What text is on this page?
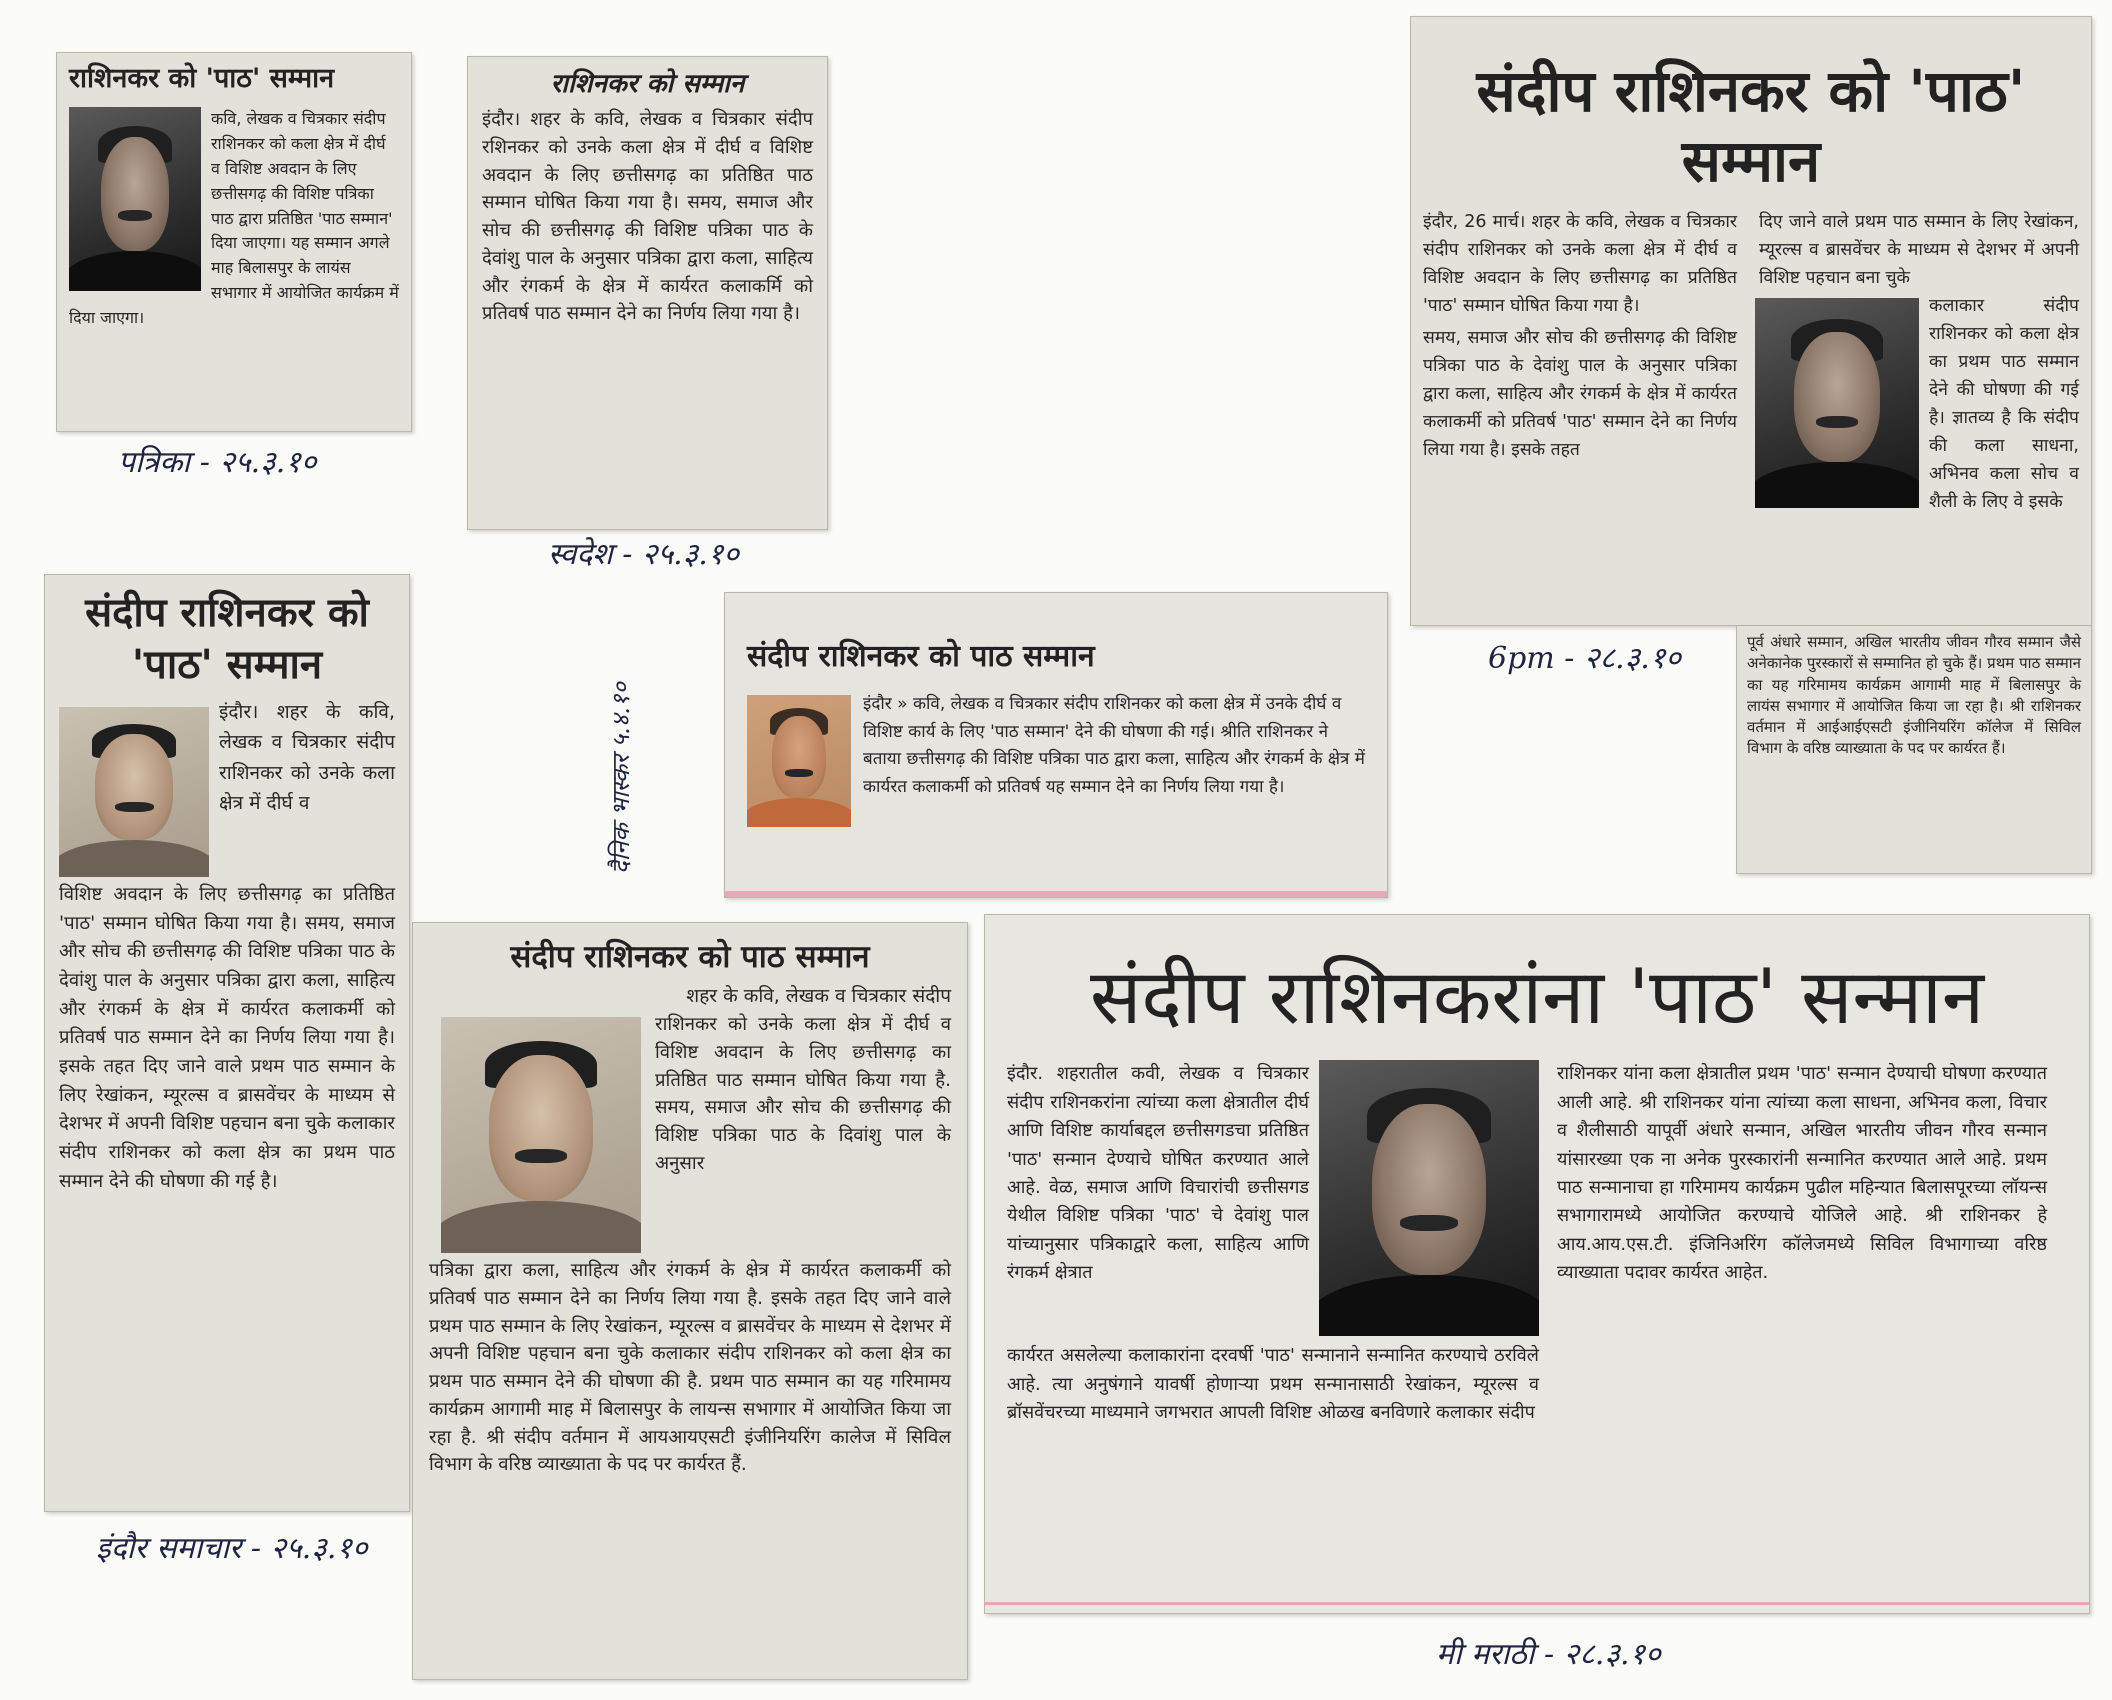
राशिनकर को 'पाठ' सम्मान

कवि, लेखक व चित्रकार संदीप राशिनकर को कला क्षेत्र में दीर्घ व विशिष्ट अवदान के लिए छत्तीसगढ़ की विशिष्ट पत्रिका पाठ द्वारा प्रतिष्ठित 'पाठ सम्मान' दिया जाएगा। यह सम्मान अगले माह बिलासपुर के लायंस सभागार में आयोजित कार्यक्रम में दिया जाएगा।

पत्रिका - २५.३.१०
राशिनकर को सम्मान

इंदौर। शहर के कवि, लेखक व चित्रकार संदीप रशिनकर को उनके कला क्षेत्र में दीर्घ व विशिष्ट अवदान के लिए छत्तीसगढ़ का प्रतिष्ठित पाठ सम्मान घोषित किया गया है। समय, समाज और सोच की छत्तीसगढ़ की विशिष्ट पत्रिका पाठ के देवांशु पाल के अनुसार पत्रिका द्वारा कला, साहित्य और रंगकर्म के क्षेत्र में कार्यरत कलाकर्मि को प्रतिवर्ष पाठ सम्मान देने का निर्णय लिया गया है।

स्वदेश - २५.३.१०
संदीप राशिनकर को 'पाठ' सम्मान

इंदौर, 26 मार्च। शहर के कवि, लेखक व चित्रकार संदीप राशिनकर को उनके कला क्षेत्र में दीर्घ व विशिष्ट अवदान के लिए छत्तीसगढ़ का प्रतिष्ठित 'पाठ' सम्मान घोषित किया गया है।

समय, समाज और सोच की छत्तीसगढ़ की विशिष्ट पत्रिका पाठ के देवांशु पाल के अनुसार पत्रिका द्वारा कला, साहित्य और रंगकर्म के क्षेत्र में कार्यरत कलाकर्मी को प्रतिवर्ष 'पाठ' सम्मान देने का निर्णय लिया गया है। इसके तहत

दिए जाने वाले प्रथम पाठ सम्मान के लिए रेखांकन, म्यूरल्स व ब्रासवेंचर के माध्यम से देशभर में अपनी विशिष्ट पहचान बना चुके

कलाकार संदीप राशिनकर को कला क्षेत्र का प्रथम पाठ सम्मान देने की घोषणा की गई है। ज्ञातव्य है कि संदीप की कला साधना, अभिनव कला सोच व शैली के लिए वे इसके

पूर्व अंधारे सम्मान, अखिल भारतीय जीवन गौरव सम्मान जैसे अनेकानेक पुरस्कारों से सम्मानित हो चुके हैं। प्रथम पाठ सम्मान का यह गरिमामय कार्यक्रम आगामी माह में बिलासपुर के लायंस सभागार में आयोजित किया जा रहा है। श्री राशिनकर वर्तमान में आईआईएसटी इंजीनियरिंग कॉलेज में सिविल विभाग के वरिष्ठ व्याख्याता के पद पर कार्यरत हैं।

6pm - २८.३.१०
संदीप राशिनकर को 'पाठ' सम्मान

इंदौर। शहर के कवि, लेखक व चित्रकार संदीप राशिनकर को उनके कला क्षेत्र में दीर्घ व

विशिष्ट अवदान के लिए छत्तीसगढ़ का प्रतिष्ठित 'पाठ' सम्मान घोषित किया गया है। समय, समाज और सोच की छत्तीसगढ़ की विशिष्ट पत्रिका पाठ के देवांशु पाल के अनुसार पत्रिका द्वारा कला, साहित्य और रंगकर्म के क्षेत्र में कार्यरत कलाकर्मी को प्रतिवर्ष पाठ सम्मान देने का निर्णय लिया गया है। इसके तहत दिए जाने वाले प्रथम पाठ सम्मान के लिए रेखांकन, म्यूरल्स व ब्रासवेंचर के माध्यम से देशभर में अपनी विशिष्ट पहचान बना चुके कलाकार संदीप राशिनकर को कला क्षेत्र का प्रथम पाठ सम्मान देने की घोषणा की गई है।

इंदौर समाचार - २५.३.१०
संदीप राशिनकर को पाठ सम्मान

इंदौर » कवि, लेखक व चित्रकार संदीप राशिनकर को कला क्षेत्र में उनके दीर्घ व विशिष्ट कार्य के लिए 'पाठ सम्मान' देने की घोषणा की गई। श्रीति राशिनकर ने बताया छत्तीसगढ़ की विशिष्ट पत्रिका पाठ द्वारा कला, साहित्य और रंगकर्म के क्षेत्र में कार्यरत कलाकर्मी को प्रतिवर्ष यह सम्मान देने का निर्णय लिया गया है।

दैनिक भास्कर ५.४.१०
संदीप राशिनकर को पाठ सम्मान

शहर के कवि, लेखक व चित्रकार संदीप

राशिनकर को उनके कला क्षेत्र में दीर्घ व विशिष्ट अवदान के लिए छत्तीसगढ़ का प्रतिष्ठित पाठ सम्मान घोषित किया गया है. समय, समाज और सोच की छत्तीसगढ़ की विशिष्ट पत्रिका पाठ के दिवांशु पाल के अनुसार

पत्रिका द्वारा कला, साहित्य और रंगकर्म के क्षेत्र में कार्यरत कलाकर्मी को प्रतिवर्ष पाठ सम्मान देने का निर्णय लिया गया है. इसके तहत दिए जाने वाले प्रथम पाठ सम्मान के लिए रेखांकन, म्यूरल्स व ब्रासवेंचर के माध्यम से देशभर में अपनी विशिष्ट पहचान बना चुके कलाकार संदीप राशिनकर को कला क्षेत्र का प्रथम पाठ सम्मान देने की घोषणा की है. प्रथम पाठ सम्मान का यह गरिमामय कार्यक्रम आगामी माह में बिलासपुर के लायन्स सभागार में आयोजित किया जा रहा है. श्री संदीप वर्तमान में आयआयएसटी इंजीनियरिंग कालेज में सिविल विभाग के वरिष्ठ व्याख्याता के पद पर कार्यरत हैं.

संदीप राशिनकरांना 'पाठ' सन्मान

इंदौर. शहरातील कवी, लेखक व चित्रकार संदीप राशिनकरांना त्यांच्या कला क्षेत्रातील दीर्घ आणि विशिष्ट कार्याबद्दल छत्तीसगडचा प्रतिष्ठित 'पाठ' सन्मान देण्याचे घोषित करण्यात आले आहे. वेळ, समाज आणि विचारांची छत्तीसगड येथील विशिष्ट पत्रिका 'पाठ' चे देवांशु पाल यांच्यानुसार पत्रिकाद्वारे कला, साहित्य आणि रंगकर्म क्षेत्रात

कार्यरत असलेल्या कलाकारांना दरवर्षी 'पाठ' सन्मानाने सन्मानित करण्याचे ठरविले आहे. त्या अनुषंगाने यावर्षी होणाऱ्या प्रथम सन्मानासाठी रेखांकन, म्यूरल्स व ब्रॉसवेंचरच्या माध्यमाने जगभरात आपली विशिष्ट ओळख बनविणारे कलाकार संदीप

राशिनकर यांना कला क्षेत्रातील प्रथम 'पाठ' सन्मान देण्याची घोषणा करण्यात आली आहे. श्री राशिनकर यांना त्यांच्या कला साधना, अभिनव कला, विचार व शैलीसाठी यापूर्वी अंधारे सन्मान, अखिल भारतीय जीवन गौरव सन्मान यांसारख्या एक ना अनेक पुरस्कारांनी सन्मानित करण्यात आले आहे. प्रथम पाठ सन्मानाचा हा गरिमामय कार्यक्रम पुढील महिन्यात बिलासपूरच्या लॉयन्स सभागारामध्ये आयोजित करण्याचे योजिले आहे. श्री राशिनकर हे आय.आय.एस.टी. इंजिनिअरिंग कॉलेजमध्ये सिविल विभागाच्या वरिष्ठ व्याख्याता पदावर कार्यरत आहेत.

मी मराठी - २८.३.१०
